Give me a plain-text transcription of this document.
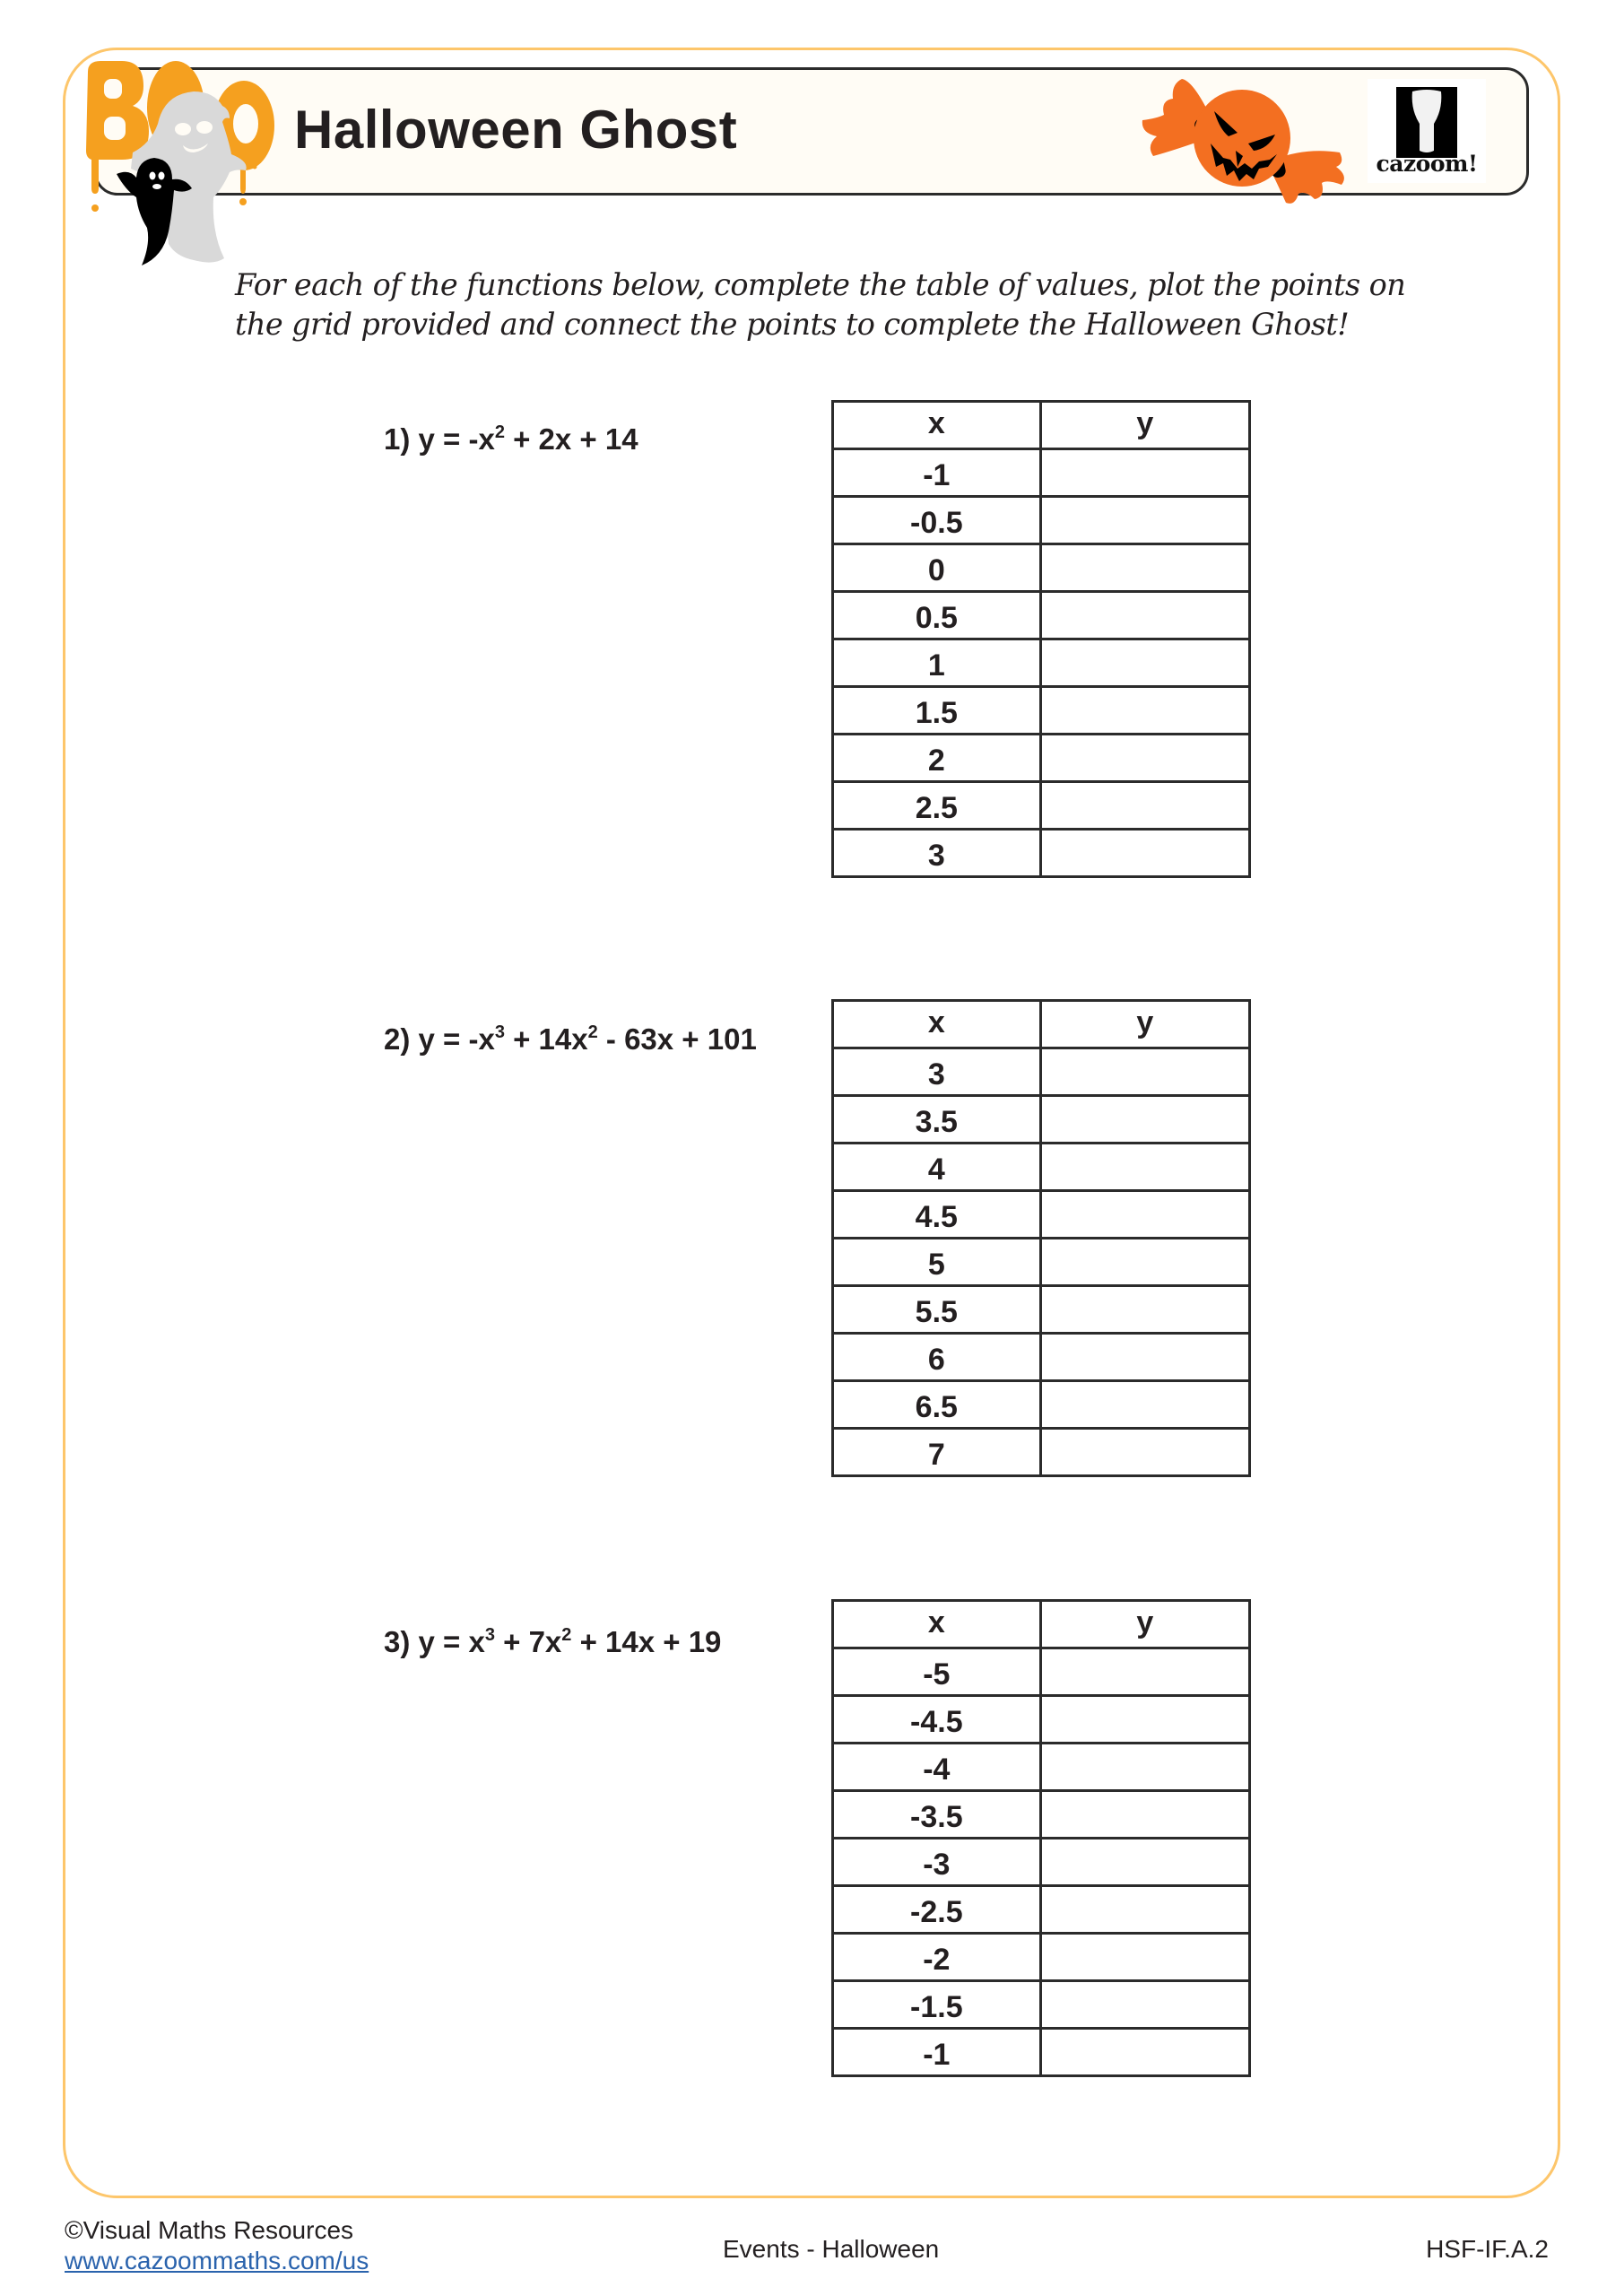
Halloween Ghost
cazoom!

For each of the functions below, complete the table of values, plot the points on
the grid provided and connect the points to complete the Halloween Ghost!

1) $y = -x^2 + 2x + 14$	x	y
-1	
-0.5	
0	
0.5	
1	
1.5	
2	
2.5	
3	

2) $y = -x^3 + 14x^2 - 63x + 101$	x	y
3	
3.5	
4	
4.5	
5	
5.5	
6	
6.5	
7	

3) $y = x^3 + 7x^2 + 14x + 19$

x	y
-5	
-4.5	
-4	
-3.5	
-3	
-2.5	
-2	
-1.5	
-1	
©Visual Maths Resources
www.cazoommaths.com/us	Events - Halloween	HSF-IF.A.2
